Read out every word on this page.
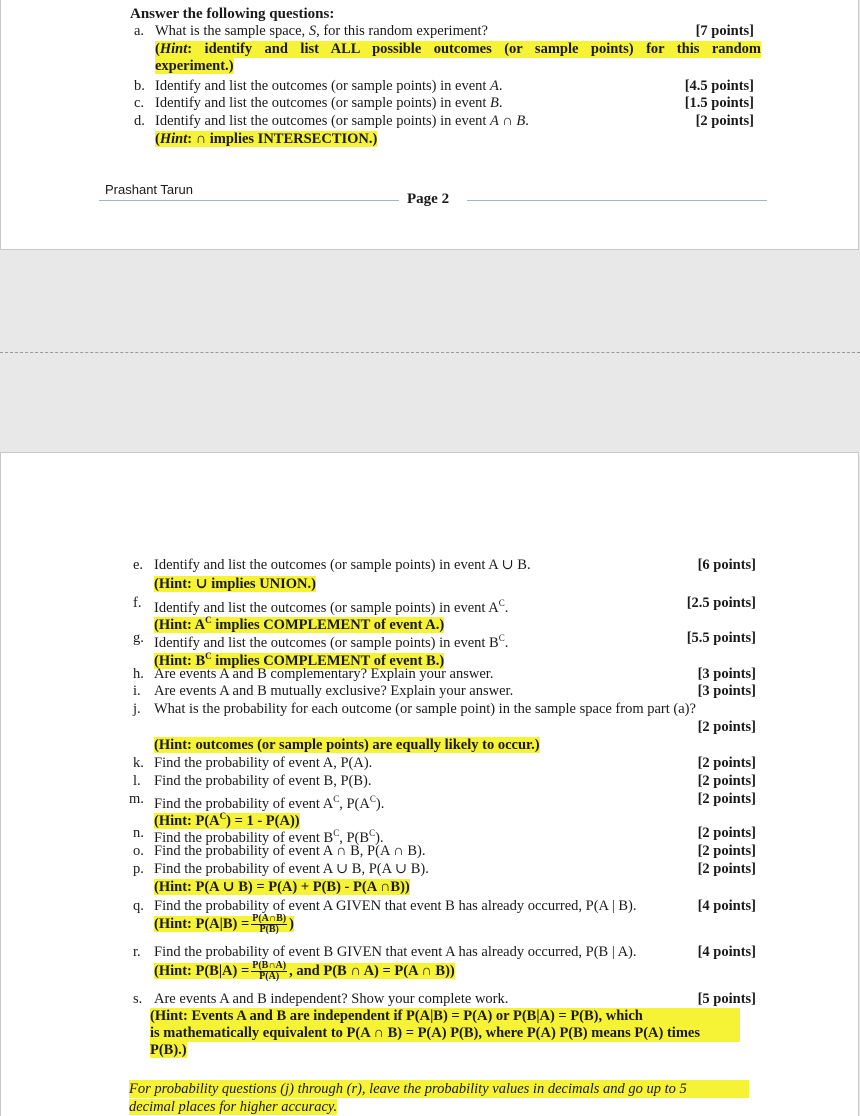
Answer the following questions:
a. What is the sample space, S, for this random experiment?	[7 points]
(Hint: identify and list ALL possible outcomes (or sample points) for this random
experiment.)
b. Identify and list the outcomes (or sample points) in event A.	[4.5 points]
c. Identify and list the outcomes (or sample points) in event B.	[1.5 points]
d. Identify and list the outcomes (or sample points) in event A ∩ B.	[2 points]
(Hint: ∩ implies INTERSECTION.)
Prashant Tarun
Page 2
e. Identify and list the outcomes (or sample points) in event A ∪ B.	[6 points]
(Hint: ∪ implies UNION.)
f. Identify and list the outcomes (or sample points) in event $A^C$.	[2.5 points]
(Hint: $A^C$ implies COMPLEMENT of event A.)
g. Identify and list the outcomes (or sample points) in event $B^C$.	[5.5 points]
(Hint: $B^C$ implies COMPLEMENT of event B.)
h. Are events A and B complementary? Explain your answer.	[3 points]
i. Are events A and B mutually exclusive? Explain your answer.	[3 points]
j. What is the probability for each outcome (or sample point) in the sample space from part (a)?
[2 points]
(Hint: outcomes (or sample points) are equally likely to occur.)
k. Find the probability of event A, P(A).	[2 points]
l. Find the probability of event B, P(B).	[2 points]
m. Find the probability of event $A^C$, $P(A^C)$.	[2 points]
(Hint: $P(A^C) = 1 - P(A)$)
n. Find the probability of event $B^C$, $P(B^C)$.	[2 points]
o. Find the probability of event A ∩ B, P(A ∩ B).	[2 points]
p. Find the probability of event A ∪ B, P(A ∪ B).	[2 points]
(Hint: P(A ∪ B) = P(A) + P(B) - P(A ∩B))
q. Find the probability of event A GIVEN that event B has already occurred, P(A | B).	[4 points]
(Hint: $P(A|B) = \frac{P(A\cap B)}{P(B)}$ )
r. Find the probability of event B GIVEN that event A has already occurred, P(B | A).	[4 points]
(Hint: $P(B|A) = \frac{P(B\cap A)}{P(A)}$ , and P(B ∩ A) = P(A ∩ B))
s. Are events A and B independent? Show your complete work.	[5 points]
(Hint: Events A and B are independent if P(A|B) = P(A) or P(B|A) = P(B), which
is mathematically equivalent to P(A ∩ B) = P(A) P(B), where P(A) P(B) means P(A) times
P(B).)
For probability questions (j) through (r), leave the probability values in decimals and go up to 5
decimal places for higher accuracy.
